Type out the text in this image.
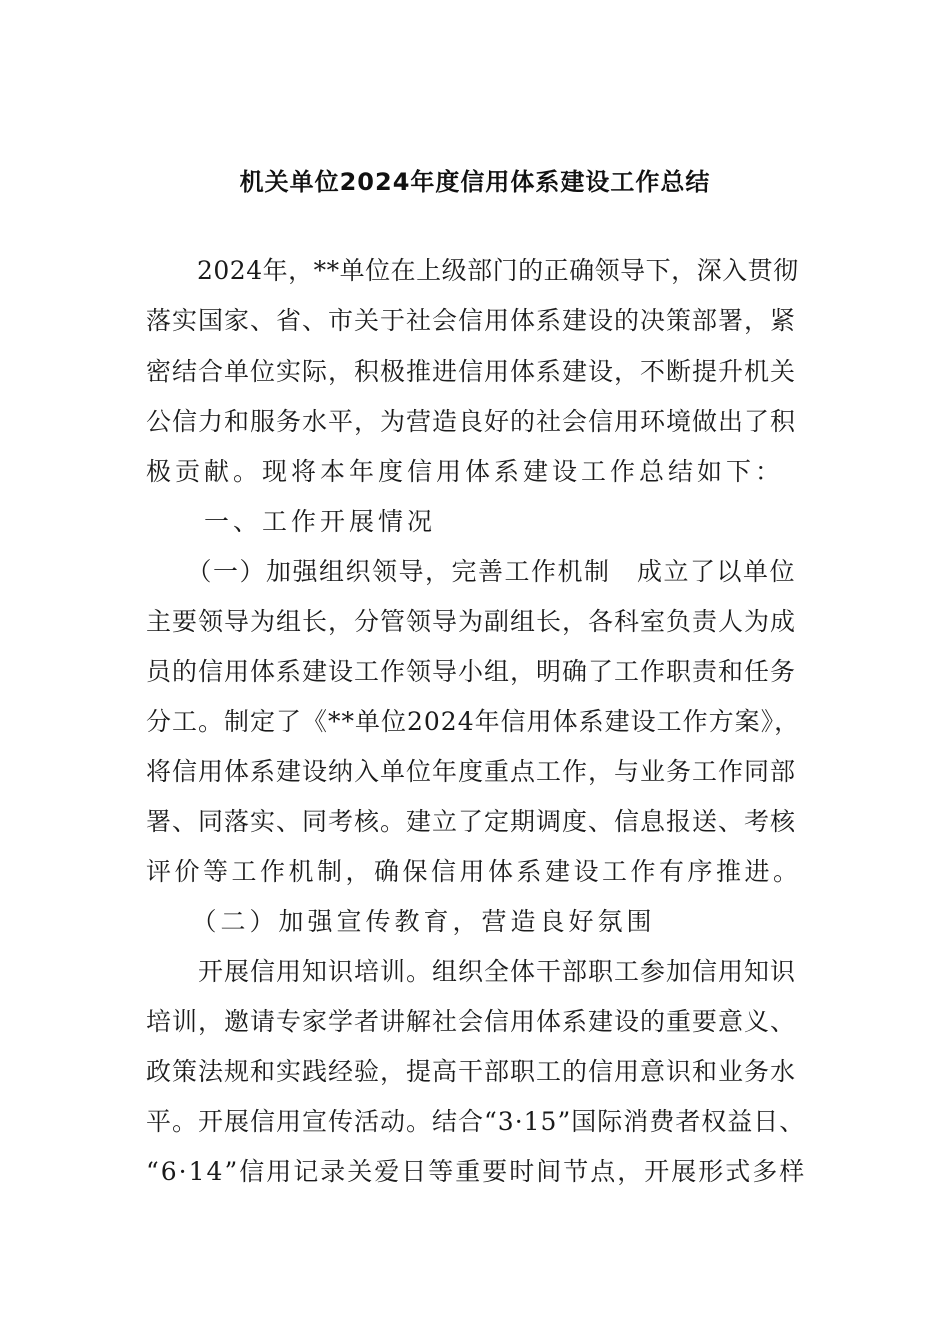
机关单位2024年度信用体系建设工作总结
　　2024年，**单位在上级部门的正确领导下，深入贯彻
落实国家、省、市关于社会信用体系建设的决策部署，紧
密结合单位实际，积极推进信用体系建设，不断提升机关
公信力和服务水平，为营造良好的社会信用环境做出了积
极贡献。现将本年度信用体系建设工作总结如下：
　　一、工作开展情况
　　（一）加强组织领导，完善工作机制　成立了以单位
主要领导为组长，分管领导为副组长，各科室负责人为成
员的信用体系建设工作领导小组，明确了工作职责和任务
分工。制定了《**单位2024年信用体系建设工作方案》，
将信用体系建设纳入单位年度重点工作，与业务工作同部
署、同落实、同考核。建立了定期调度、信息报送、考核
评价等工作机制，确保信用体系建设工作有序推进。
　　（二）加强宣传教育，营造良好氛围
　　开展信用知识培训。组织全体干部职工参加信用知识
培训，邀请专家学者讲解社会信用体系建设的重要意义、
政策法规和实践经验，提高干部职工的信用意识和业务水
平。开展信用宣传活动。结合“3·15”国际消费者权益日、
“6·14”信用记录关爱日等重要时间节点，开展形式多样
